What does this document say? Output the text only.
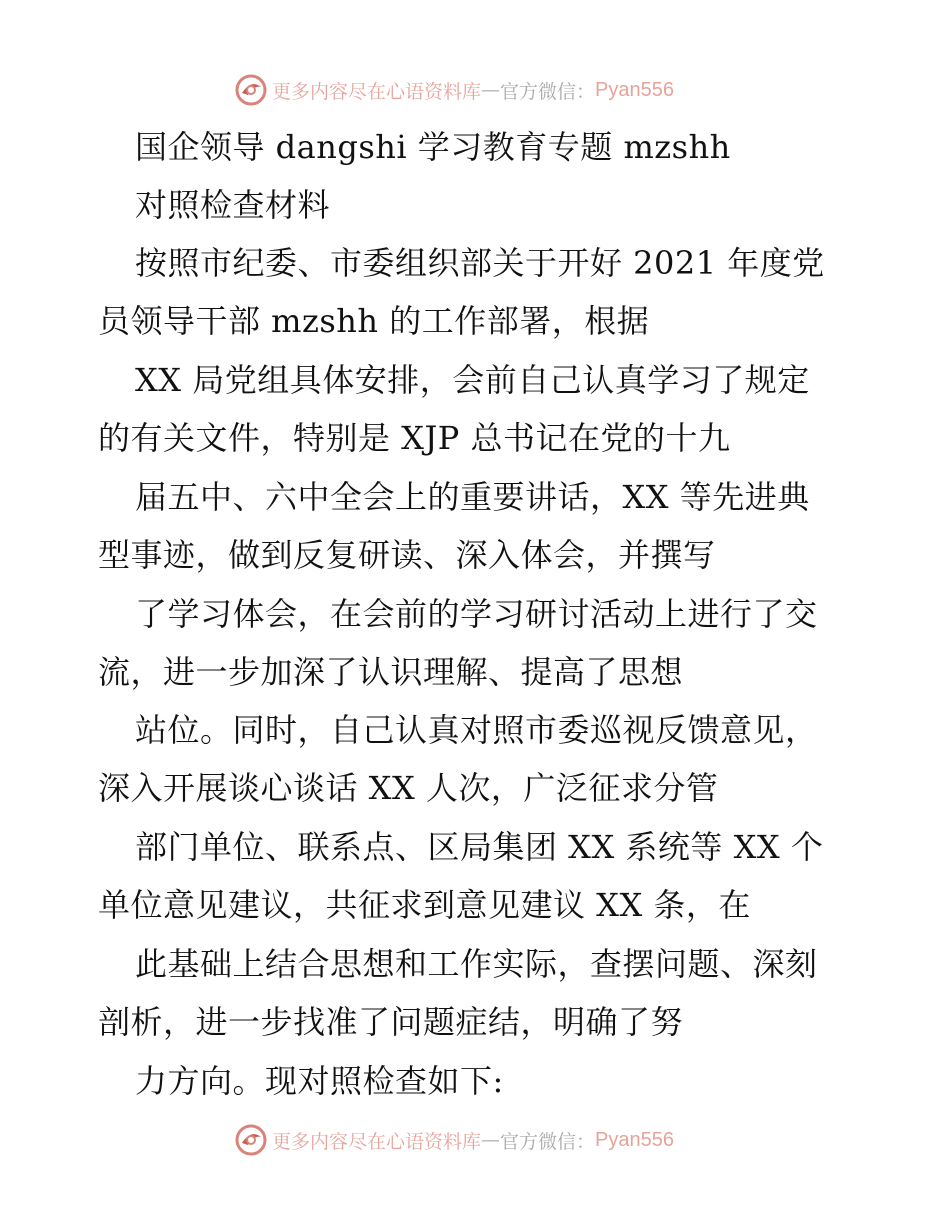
更多内容尽在心语资料库 — 官方微信： Pyan556
国企领导 dangshi 学习教育专题 mzshh
对照检查材料
按照市纪委、市委组织部关于开好 2021 年度党
员领导干部 mzshh 的工作部署，根据
XX 局党组具体安排，会前自己认真学习了规定
的有关文件，特别是 XJP 总书记在党的十九
届五中、六中全会上的重要讲话，XX 等先进典
型事迹，做到反复研读、深入体会，并撰写
了学习体会，在会前的学习研讨活动上进行了交
流，进一步加深了认识理解、提高了思想
站位。同时，自己认真对照市委巡视反馈意见，
深入开展谈心谈话 XX 人次，广泛征求分管
部门单位、联系点、区局集团 XX 系统等 XX 个
单位意见建议，共征求到意见建议 XX 条，在
此基础上结合思想和工作实际，查摆问题、深刻
剖析，进一步找准了问题症结，明确了努
力方向。现对照检查如下:
更多内容尽在心语资料库 — 官方微信： Pyan556
